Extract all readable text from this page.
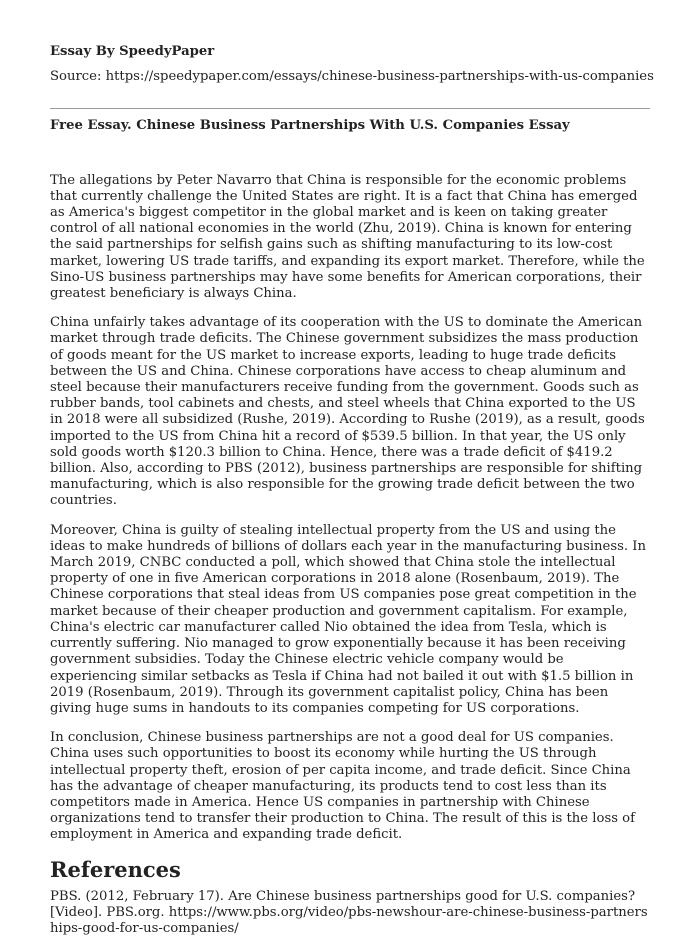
Essay By SpeedyPaper
Source: https://speedypaper.com/essays/chinese-business-partnerships-with-us-companies
Free Essay. Chinese Business Partnerships With U.S. Companies Essay

The allegations by Peter Navarro that China is responsible for the economic problems that currently challenge the United States are right. It is a fact that China has emerged as America's biggest competitor in the global market and is keen on taking greater control of all national economies in the world (Zhu, 2019). China is known for entering the said partnerships for selfish gains such as shifting manufacturing to its low-cost market, lowering US trade tariffs, and expanding its export market. Therefore, while the Sino-US business partnerships may have some benefits for American corporations, their greatest beneficiary is always China.

China unfairly takes advantage of its cooperation with the US to dominate the American market through trade deficits. The Chinese government subsidizes the mass production of goods meant for the US market to increase exports, leading to huge trade deficits between the US and China. Chinese corporations have access to cheap aluminum and steel because their manufacturers receive funding from the government. Goods such as rubber bands, tool cabinets and chests, and steel wheels that China exported to the US in 2018 were all subsidized (Rushe, 2019). According to Rushe (2019), as a result, goods imported to the US from China hit a record of $539.5 billion. In that year, the US only sold goods worth $120.3 billion to China. Hence, there was a trade deficit of $419.2 billion. Also, according to PBS (2012), business partnerships are responsible for shifting manufacturing, which is also responsible for the growing trade deficit between the two countries.

Moreover, China is guilty of stealing intellectual property from the US and using the ideas to make hundreds of billions of dollars each year in the manufacturing business. In March 2019, CNBC conducted a poll, which showed that China stole the intellectual property of one in five American corporations in 2018 alone (Rosenbaum, 2019). The Chinese corporations that steal ideas from US companies pose great competition in the market because of their cheaper production and government capitalism. For example, China's electric car manufacturer called Nio obtained the idea from Tesla, which is currently suffering. Nio managed to grow exponentially because it has been receiving government subsidies. Today the Chinese electric vehicle company would be experiencing similar setbacks as Tesla if China had not bailed it out with $1.5 billion in 2019 (Rosenbaum, 2019). Through its government capitalist policy, China has been giving huge sums in handouts to its companies competing for US corporations.

In conclusion, Chinese business partnerships are not a good deal for US companies. China uses such opportunities to boost its economy while hurting the US through intellectual property theft, erosion of per capita income, and trade deficit. Since China has the advantage of cheaper manufacturing, its products tend to cost less than its competitors made in America. Hence US companies in partnership with Chinese organizations tend to transfer their production to China. The result of this is the loss of employment in America and expanding trade deficit.

References

PBS. (2012, February 17). Are Chinese business partnerships good for U.S. companies? [Video]. PBS.org. https://www.pbs.org/video/pbs-newshour-are-chinese-business-partnerships-good-for-us-companies/
